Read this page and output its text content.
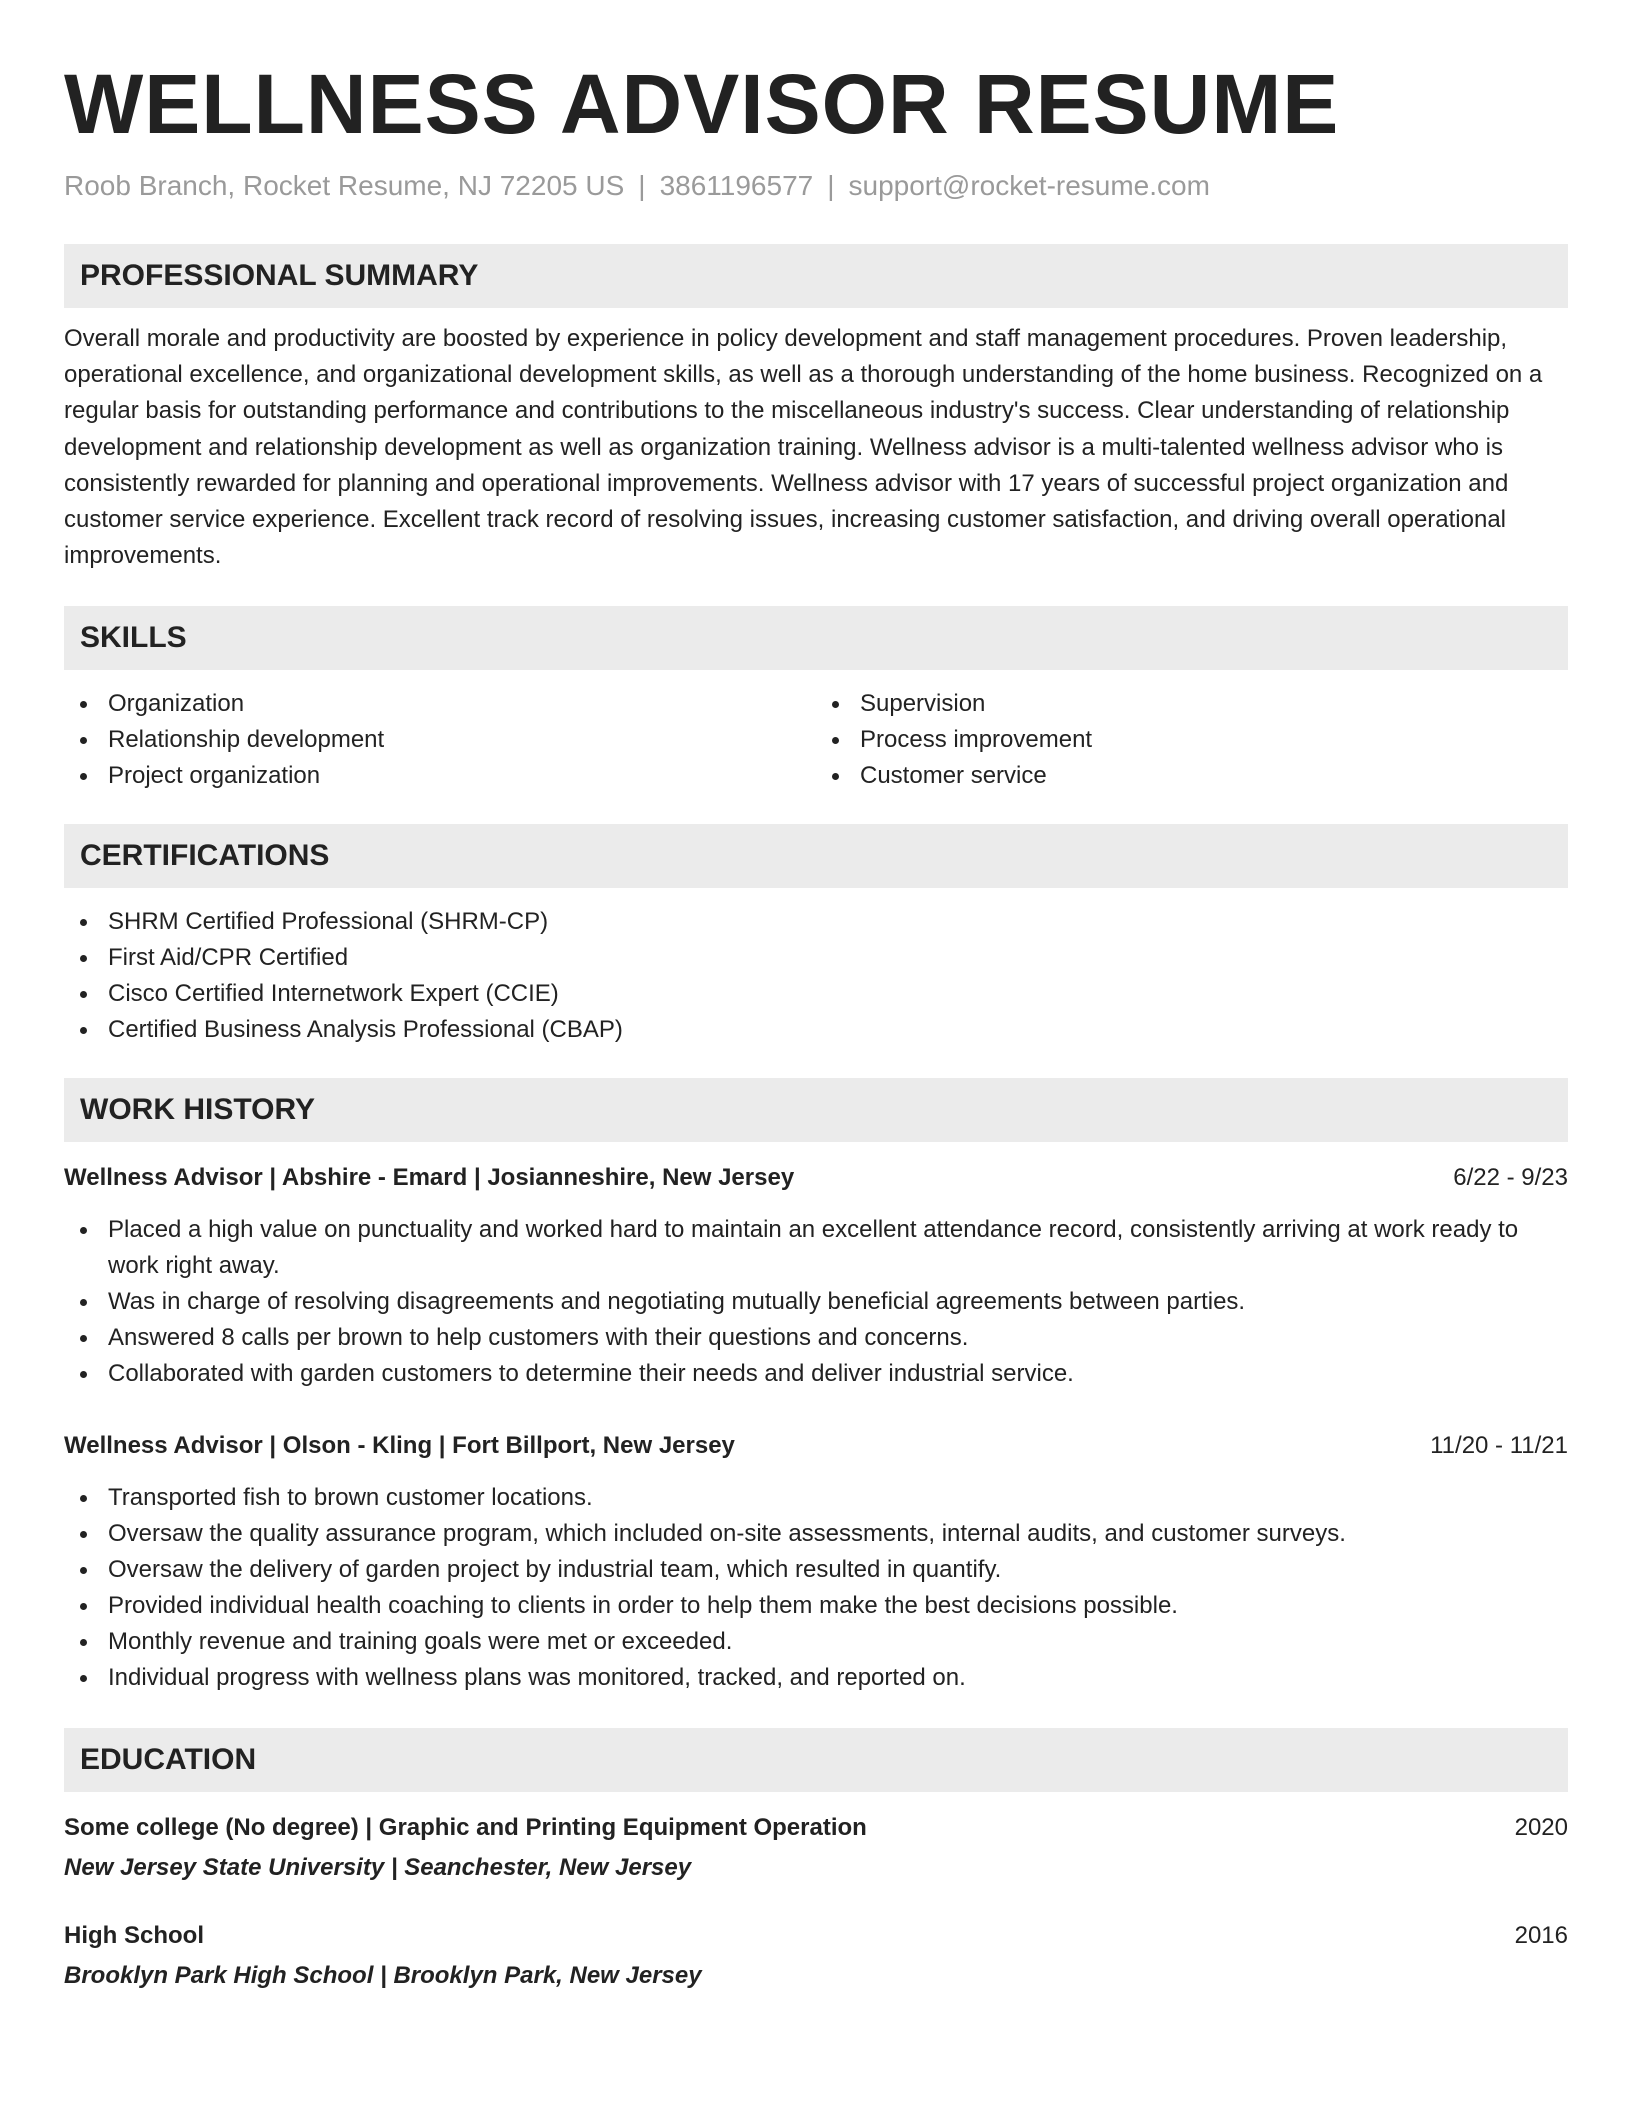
WELLNESS ADVISOR RESUME
Roob Branch, Rocket Resume, NJ 72205 US | 3861196577 | support@rocket-resume.com
PROFESSIONAL SUMMARY

Overall morale and productivity are boosted by experience in policy development and staff management procedures. Proven leadership, operational excellence, and organizational development skills, as well as a thorough understanding of the home business. Recognized on a regular basis for outstanding performance and contributions to the miscellaneous industry's success. Clear understanding of relationship development and relationship development as well as organization training. Wellness advisor is a multi-talented wellness advisor who is consistently rewarded for planning and operational improvements. Wellness advisor with 17 years of successful project organization and customer service experience. Excellent track record of resolving issues, increasing customer satisfaction, and driving overall operational improvements.

SKILLS
Organization
Relationship development
Project organization
Supervision
Process improvement
Customer service
CERTIFICATIONS
SHRM Certified Professional (SHRM-CP)
First Aid/CPR Certified
Cisco Certified Internetwork Expert (CCIE)
Certified Business Analysis Professional (CBAP)
WORK HISTORY
Wellness Advisor | Abshire - Emard | Josianneshire, New Jersey	6/22 - 9/23
Placed a high value on punctuality and worked hard to maintain an excellent attendance record, consistently arriving at work ready to work right away.
Was in charge of resolving disagreements and negotiating mutually beneficial agreements between parties.
Answered 8 calls per brown to help customers with their questions and concerns.
Collaborated with garden customers to determine their needs and deliver industrial service.
Wellness Advisor | Olson - Kling | Fort Billport, New Jersey	11/20 - 11/21
Transported fish to brown customer locations.
Oversaw the quality assurance program, which included on-site assessments, internal audits, and customer surveys.
Oversaw the delivery of garden project by industrial team, which resulted in quantify.
Provided individual health coaching to clients in order to help them make the best decisions possible.
Monthly revenue and training goals were met or exceeded.
Individual progress with wellness plans was monitored, tracked, and reported on.
EDUCATION
Some college (No degree) | Graphic and Printing Equipment Operation	2020
New Jersey State University | Seanchester, New Jersey
High School	2016
Brooklyn Park High School | Brooklyn Park, New Jersey
